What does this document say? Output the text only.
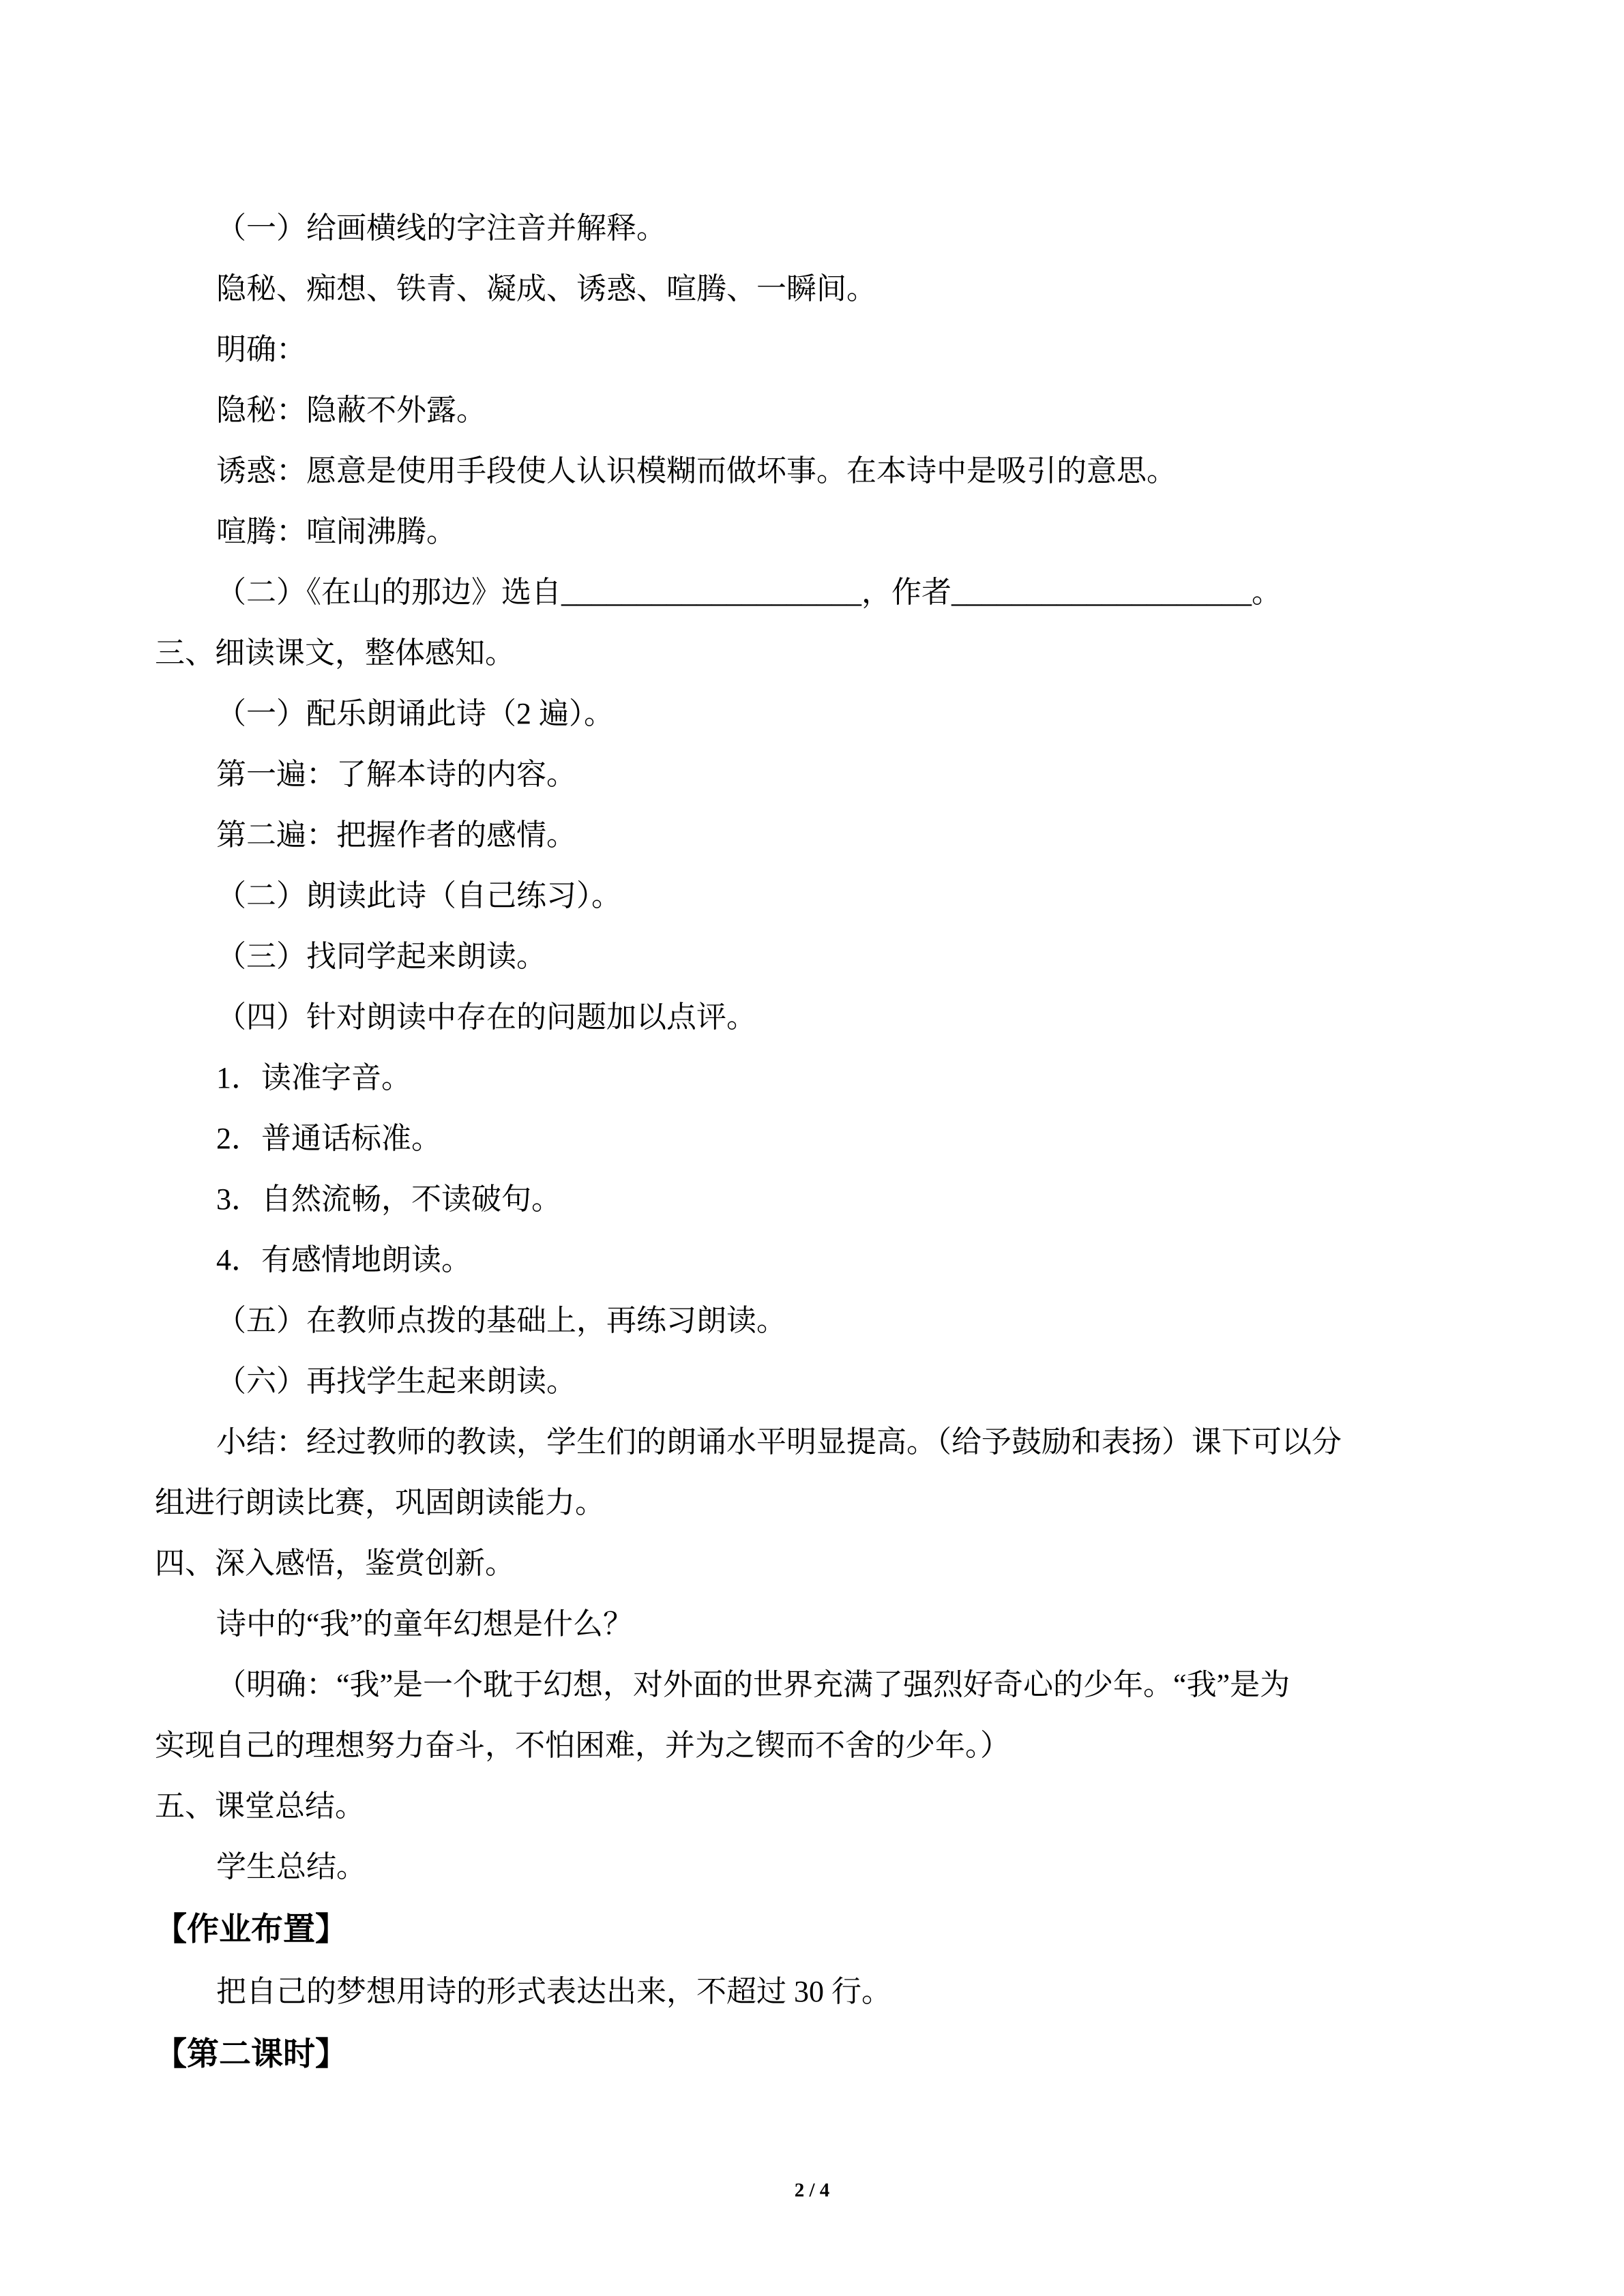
（一）给画横线的字注音并解释。

隐秘、痴想、铁青、凝成、诱惑、喧腾、一瞬间。

明确：

隐秘：隐蔽不外露。

诱惑：愿意是使用手段使人认识模糊而做坏事。在本诗中是吸引的意思。

喧腾：喧闹沸腾。

（二）《在山的那边》选自____________________，作者____________________。

三、细读课文，整体感知。

（一）配乐朗诵此诗（2 遍）。

第一遍：了解本诗的内容。

第二遍：把握作者的感情。

（二）朗读此诗（自己练习）。

（三）找同学起来朗读。

（四）针对朗读中存在的问题加以点评。

1．读准字音。

2．普通话标准。

3．自然流畅，不读破句。

4．有感情地朗读。

（五）在教师点拨的基础上，再练习朗读。

（六）再找学生起来朗读。

小结：经过教师的教读，学生们的朗诵水平明显提高。（给予鼓励和表扬）课下可以分

组进行朗读比赛，巩固朗读能力。

四、深入感悟，鉴赏创新。

诗中的“我”的童年幻想是什么？

（明确：“我”是一个耽于幻想，对外面的世界充满了强烈好奇心的少年。“我”是为

实现自己的理想努力奋斗，不怕困难，并为之锲而不舍的少年。）

五、课堂总结。

学生总结。

【作业布置】

把自己的梦想用诗的形式表达出来，不超过 30 行。

【第二课时】

2 / 4
